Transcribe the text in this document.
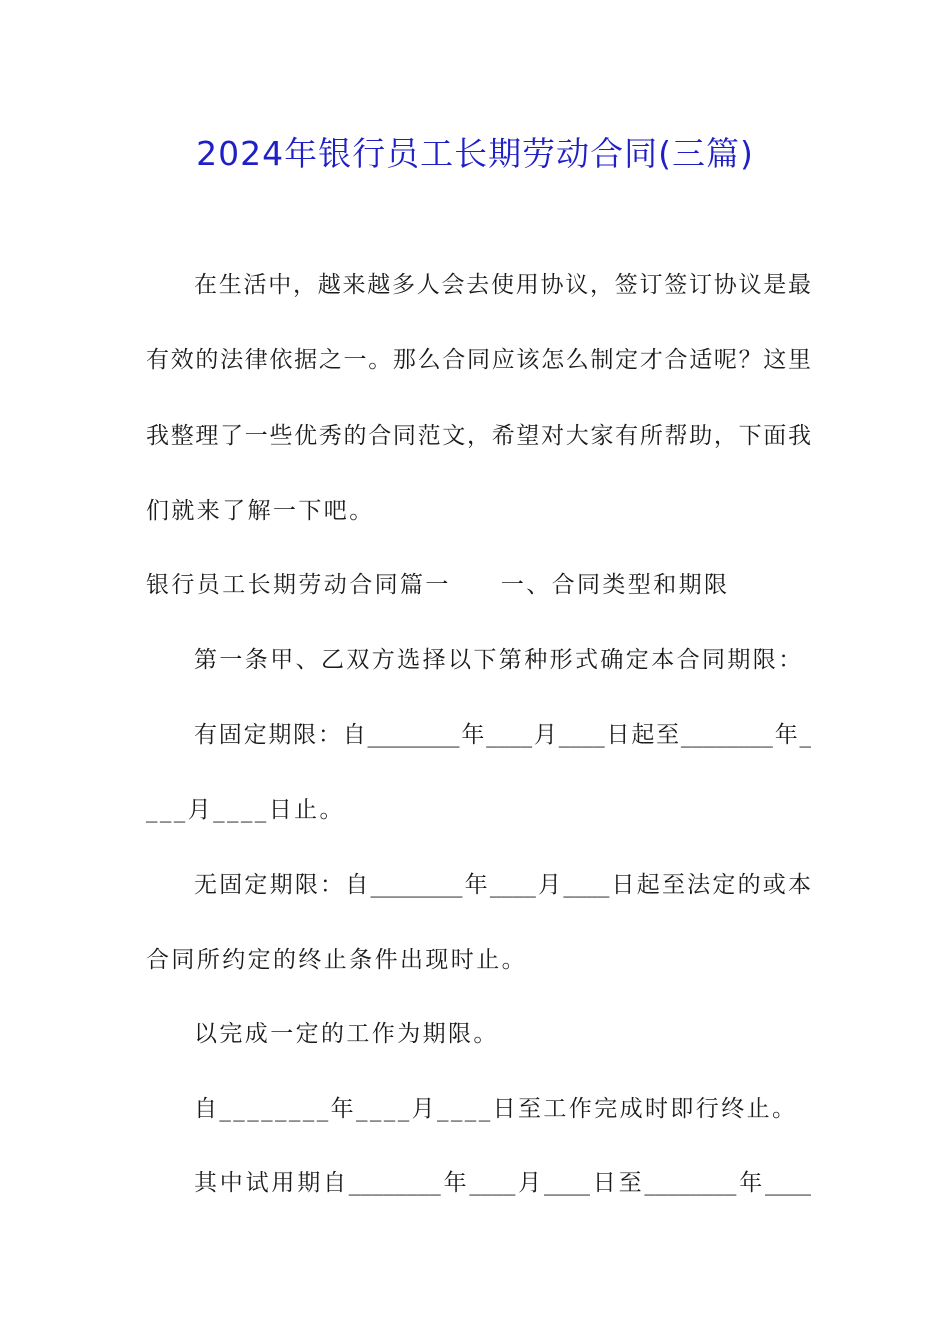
2024年银行员工长期劳动合同(三篇)
在生活中，越来越多人会去使用协议，签订签订协议是最
有效的法律依据之一。那么合同应该怎么制定才合适呢？这里
我整理了一些优秀的合同范文，希望对大家有所帮助，下面我
们就来了解一下吧。
银行员工长期劳动合同篇一 一、合同类型和期限
第一条甲、乙双方选择以下第种形式确定本合同期限：
有固定期限：自________年____月____日起至________年_
___月____日止。
无固定期限：自________年____月____日起至法定的或本
合同所约定的终止条件出现时止。
以完成一定的工作为期限。
自________年____月____日至工作完成时即行终止。
其中试用期自________年____月____日至________年____
